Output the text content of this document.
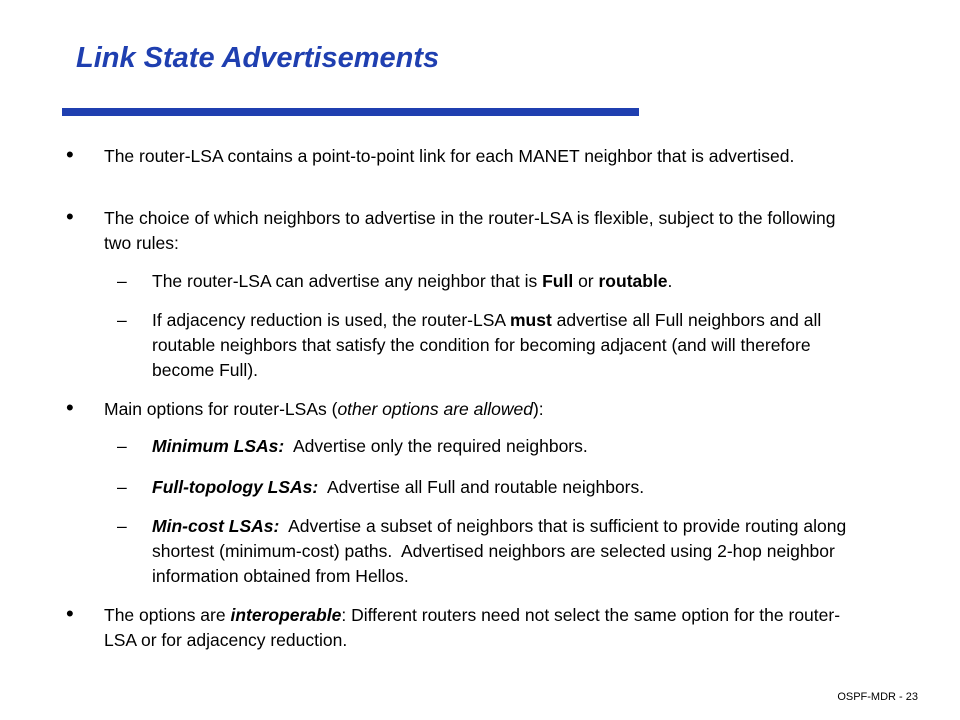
Link State Advertisements
• The router-LSA contains a point-to-point link for each MANET neighbor that is advertised.
• The choice of which neighbors to advertise in the router-LSA is flexible, subject to the following two rules:
– The router-LSA can advertise any neighbor that is Full or routable.
– If adjacency reduction is used, the router-LSA must advertise all Full neighbors and all routable neighbors that satisfy the condition for becoming adjacent (and will therefore become Full).
• Main options for router-LSAs (other options are allowed):
– Minimum LSAs:  Advertise only the required neighbors.
– Full-topology LSAs:  Advertise all Full and routable neighbors.
– Min-cost LSAs:  Advertise a subset of neighbors that is sufficient to provide routing along shortest (minimum-cost) paths.  Advertised neighbors are selected using 2-hop neighbor information obtained from Hellos.
• The options are interoperable: Different routers need not select the same option for the router-LSA or for adjacency reduction.
OSPF-MDR - 23
